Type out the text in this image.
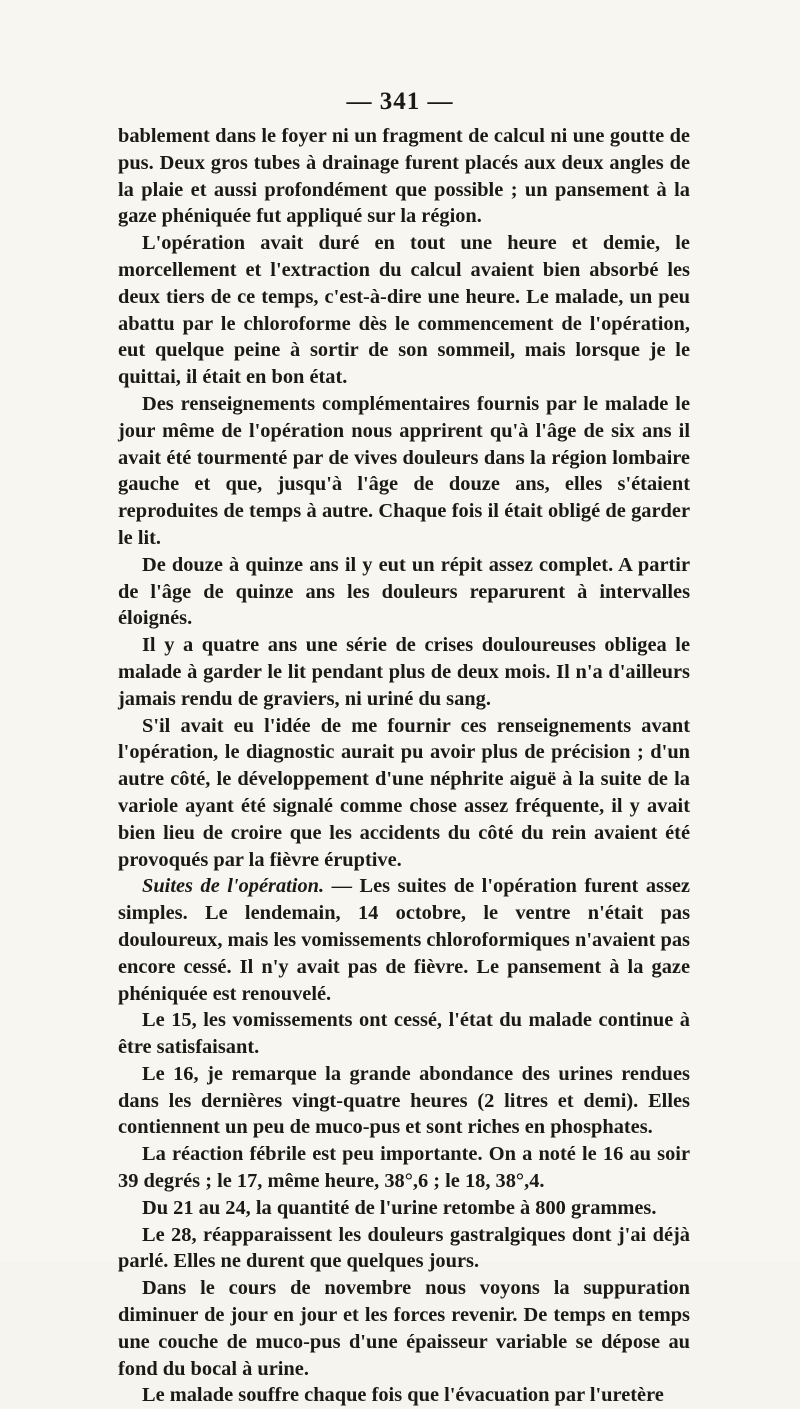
— 341 —

bablement dans le foyer ni un fragment de calcul ni une goutte de pus. Deux gros tubes à drainage furent placés aux deux angles de la plaie et aussi profondément que possible ; un pansement à la gaze phéniquée fut appliqué sur la région.

L'opération avait duré en tout une heure et demie, le morcellement et l'extraction du calcul avaient bien absorbé les deux tiers de ce temps, c'est-à-dire une heure. Le malade, un peu abattu par le chloroforme dès le commencement de l'opération, eut quelque peine à sortir de son sommeil, mais lorsque je le quittai, il était en bon état.

Des renseignements complémentaires fournis par le malade le jour même de l'opération nous apprirent qu'à l'âge de six ans il avait été tourmenté par de vives douleurs dans la région lombaire gauche et que, jusqu'à l'âge de douze ans, elles s'étaient reproduites de temps à autre. Chaque fois il était obligé de garder le lit.

De douze à quinze ans il y eut un répit assez complet. A partir de l'âge de quinze ans les douleurs reparurent à intervalles éloignés.

Il y a quatre ans une série de crises douloureuses obligea le malade à garder le lit pendant plus de deux mois. Il n'a d'ailleurs jamais rendu de graviers, ni uriné du sang.

S'il avait eu l'idée de me fournir ces renseignements avant l'opération, le diagnostic aurait pu avoir plus de précision ; d'un autre côté, le développement d'une néphrite aiguë à la suite de la variole ayant été signalé comme chose assez fréquente, il y avait bien lieu de croire que les accidents du côté du rein avaient été provoqués par la fièvre éruptive.

Suites de l'opération. — Les suites de l'opération furent assez simples. Le lendemain, 14 octobre, le ventre n'était pas douloureux, mais les vomissements chloroformiques n'avaient pas encore cessé. Il n'y avait pas de fièvre. Le pansement à la gaze phéniquée est renouvelé.

Le 15, les vomissements ont cessé, l'état du malade continue à être satisfaisant.

Le 16, je remarque la grande abondance des urines rendues dans les dernières vingt-quatre heures (2 litres et demi). Elles contiennent un peu de muco-pus et sont riches en phosphates.

La réaction fébrile est peu importante. On a noté le 16 au soir 39 degrés ; le 17, même heure, 38°,6 ; le 18, 38°,4.

Du 21 au 24, la quantité de l'urine retombe à 800 grammes.

Le 28, réapparaissent les douleurs gastralgiques dont j'ai déjà parlé. Elles ne durent que quelques jours.

Dans le cours de novembre nous voyons la suppuration diminuer de jour en jour et les forces revenir. De temps en temps une couche de muco-pus d'une épaisseur variable se dépose au fond du bocal à urine.

Le malade souffre chaque fois que l'évacuation par l'uretère
